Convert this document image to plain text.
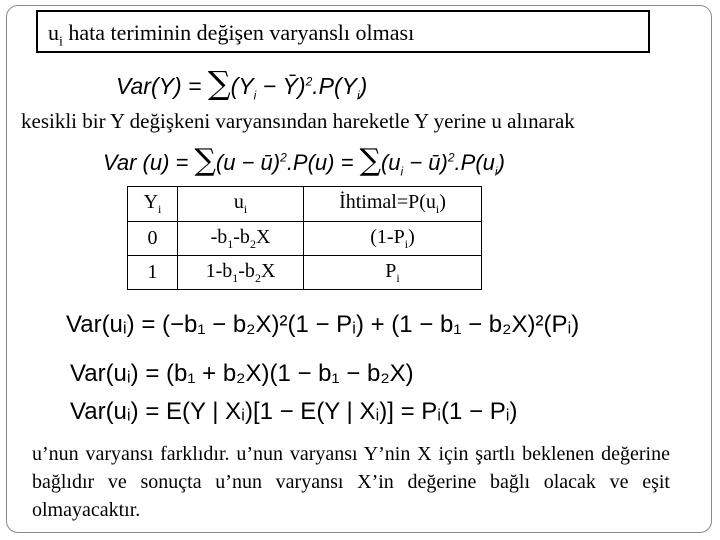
$u_i$ hata teriminin değişen varyanslı olması
$Var(Y) = \sum(Y_i$ − $Ȳ)^2.P(Y_i)$
kesikli bir Y değişkeni varyansından hareketle Y yerine u alınarak
Var (u) = ∑(u − ū)$^2$.P(u) = $\sum(u_i$ − $ū)^2.P(u_i)$
$Y_i$	$u_i$	$İhtimal=P(u_i)$
0	$-b_1-b_2X$	$(1-P_i)$
1	$1-b_1-b_2X$	$P_i$
Var(uᵢ) = (−b₁ − b₂X)²(1 − Pᵢ) + (1 − b₁ − b₂X)²(Pᵢ)
Var(uᵢ) = (b₁ + b₂X)(1 − b₁ − b₂X)
Var(uᵢ) = E(Y | Xᵢ)[1 − E(Y | Xᵢ)] = Pᵢ(1 − Pᵢ)
u’nun varyansı farklıdır. u’nun varyansı Y’nin X için şartlı beklenen değerine bağlıdır ve sonuçta u’nun varyansı X’in değerine bağlı olacak ve eşit olmayacaktır.
